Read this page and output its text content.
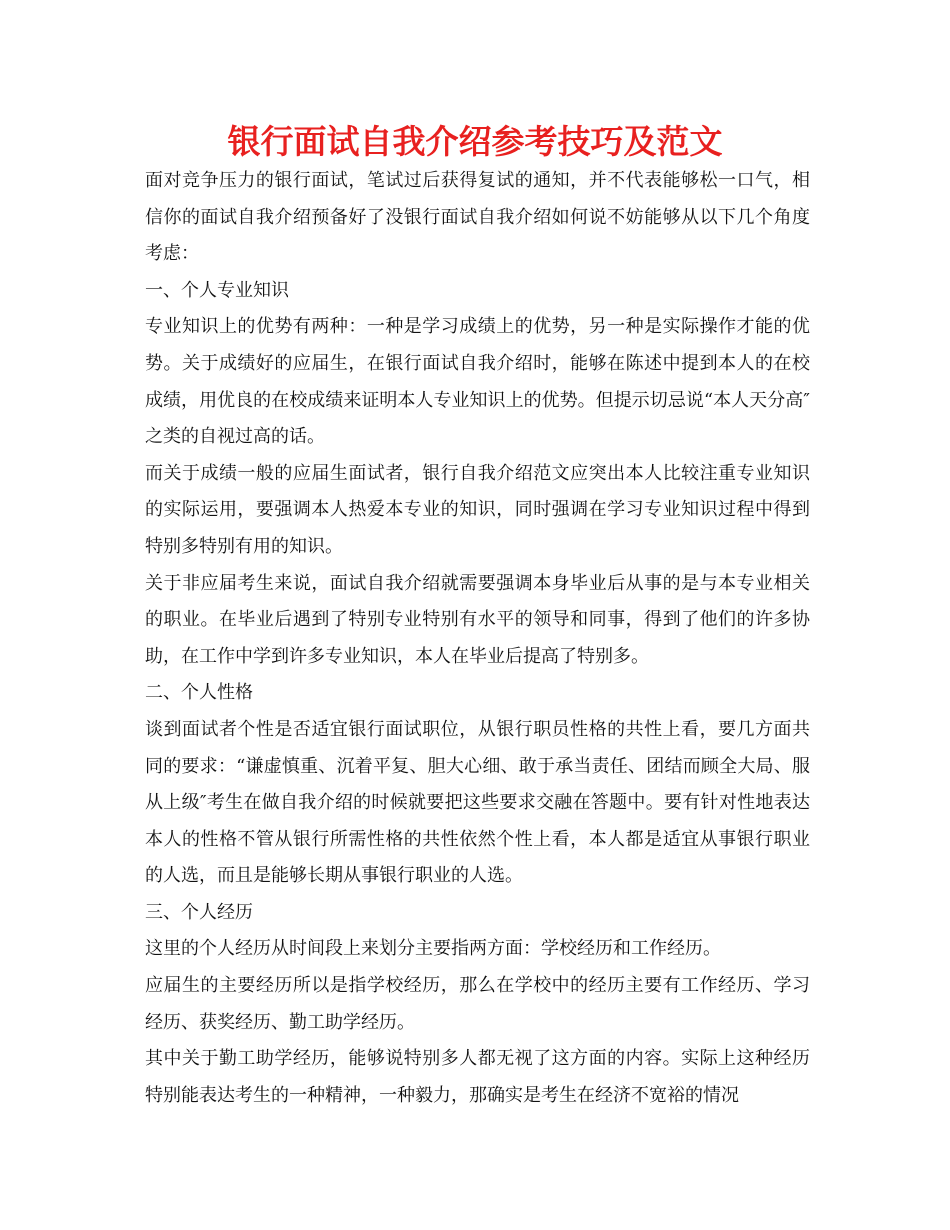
银行面试自我介绍参考技巧及范文

面对竞争压力的银行面试，笔试过后获得复试的通知，并不代表能够松一口气，相信你的面试自我介绍预备好了没银行面试自我介绍如何说不妨能够从以下几个角度考虑：

一、个人专业知识

专业知识上的优势有两种：一种是学习成绩上的优势，另一种是实际操作才能的优势。关于成绩好的应届生，在银行面试自我介绍时，能够在陈述中提到本人的在校成绩，用优良的在校成绩来证明本人专业知识上的优势。但提示切忌说“本人天分高″之类的自视过高的话。

而关于成绩一般的应届生面试者，银行自我介绍范文应突出本人比较注重专业知识的实际运用，要强调本人热爱本专业的知识，同时强调在学习专业知识过程中得到特别多特别有用的知识。

关于非应届考生来说，面试自我介绍就需要强调本身毕业后从事的是与本专业相关的职业。在毕业后遇到了特别专业特别有水平的领导和同事，得到了他们的许多协助，在工作中学到许多专业知识，本人在毕业后提高了特别多。

二、个人性格

谈到面试者个性是否适宜银行面试职位，从银行职员性格的共性上看，要几方面共同的要求：“谦虚慎重、沉着平复、胆大心细、敢于承当责任、团结而顾全大局、服从上级″考生在做自我介绍的时候就要把这些要求交融在答题中。要有针对性地表达本人的性格不管从银行所需性格的共性依然个性上看，本人都是适宜从事银行职业的人选，而且是能够长期从事银行职业的人选。

三、个人经历

这里的个人经历从时间段上来划分主要指两方面：学校经历和工作经历。

应届生的主要经历所以是指学校经历，那么在学校中的经历主要有工作经历、学习经历、获奖经历、勤工助学经历。

其中关于勤工助学经历，能够说特别多人都无视了这方面的内容。实际上这种经历特别能表达考生的一种精神，一种毅力，那确实是考生在经济不宽裕的情况
